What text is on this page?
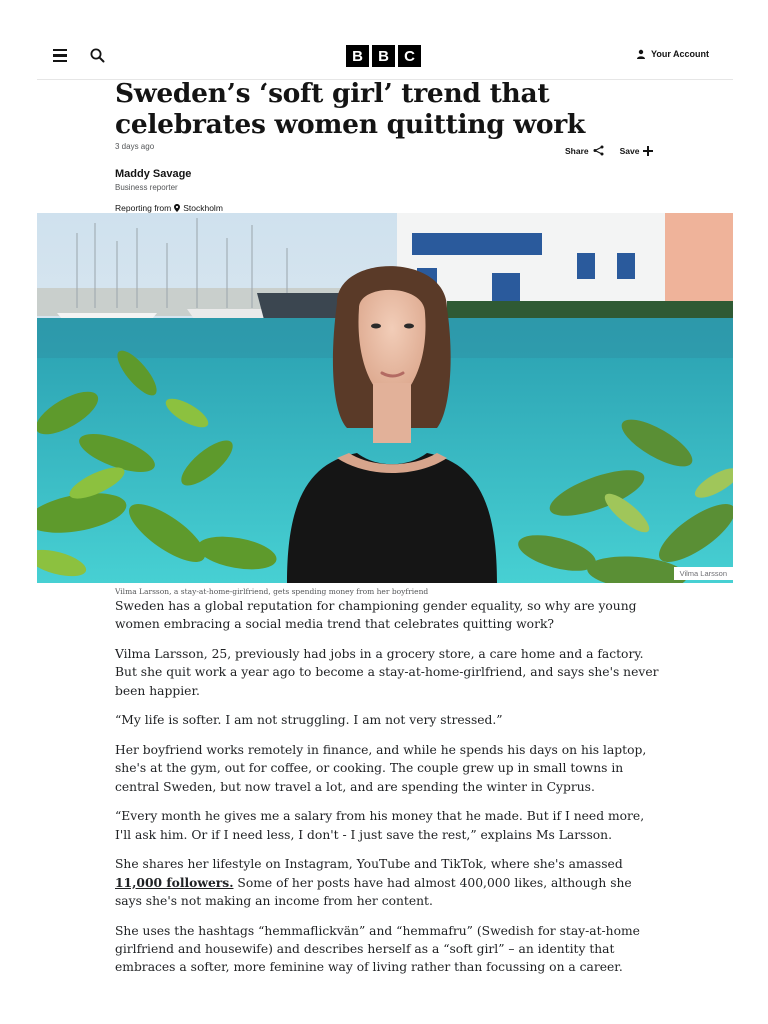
B	B	C	Your Account
Sweden’s ‘soft girl’ trend that celebrates women quitting work
3 days ago	Share	Save
Maddy Savage
Business reporter
Reporting from Stockholm
Vilma Larsson
Vilma Larsson, a stay-at-home-girlfriend, gets spending money from her boyfriend

Sweden has a global reputation for championing gender equality, so why are young women embracing a social media trend that celebrates quitting work?

Vilma Larsson, 25, previously had jobs in a grocery store, a care home and a factory. But she quit work a year ago to become a stay-at-home-girlfriend, and says she's never been happier.

“My life is softer. I am not struggling. I am not very stressed.”

Her boyfriend works remotely in finance, and while he spends his days on his laptop, she's at the gym, out for coffee, or cooking. The couple grew up in small towns in central Sweden, but now travel a lot, and are spending the winter in Cyprus.

“Every month he gives me a salary from his money that he made. But if I need more, I'll ask him. Or if I need less, I don't - I just save the rest,” explains Ms Larsson.

She shares her lifestyle on Instagram, YouTube and TikTok, where she's amassed 11,000 followers. Some of her posts have had almost 400,000 likes, although she says she's not making an income from her content.

She uses the hashtags “hemmaflickvän” and “hemmafru” (Swedish for stay-at-home girlfriend and housewife) and describes herself as a “soft girl” – an identity that embraces a softer, more feminine way of living rather than focussing on a career.
